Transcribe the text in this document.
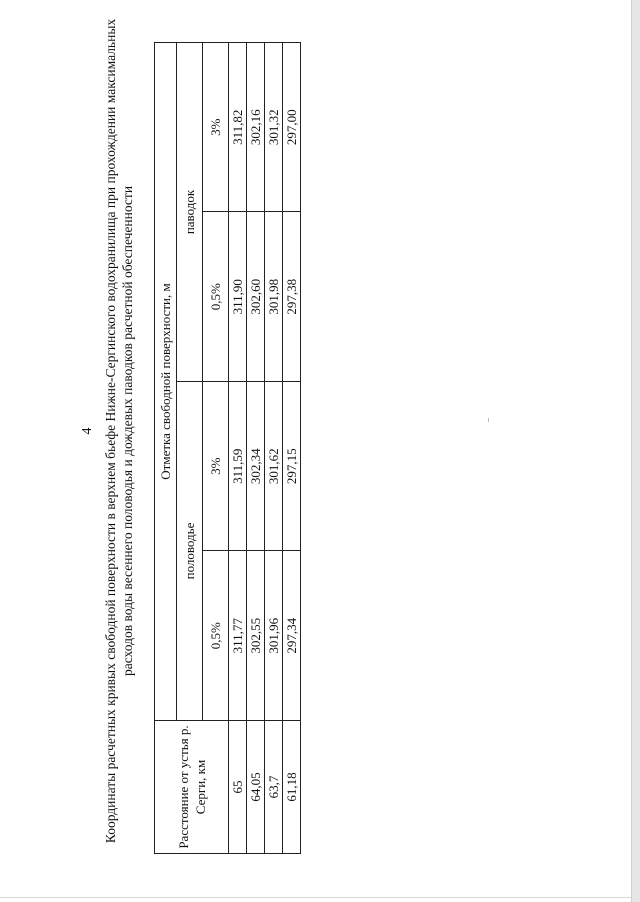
4 Координаты расчетных кривых свободной поверхности в верхнем бьефе Нижне-Сергинского водохранилища при прохождении максимальных расходов воды весеннего половодья и дождевых паводков расчетной обеспеченности
Расстояние от устья р. Серги, км	Отметка свободной поверхности, м			
	половодье		паводок	
	0,5%	3%	0,5%	3%
65	311,77	311,59	311,90	311,82
64,05	302,55	302,34	302,60	302,16
63,7	301,96	301,62	301,98	301,32
61,18	297,34	297,15	297,38	297,00
